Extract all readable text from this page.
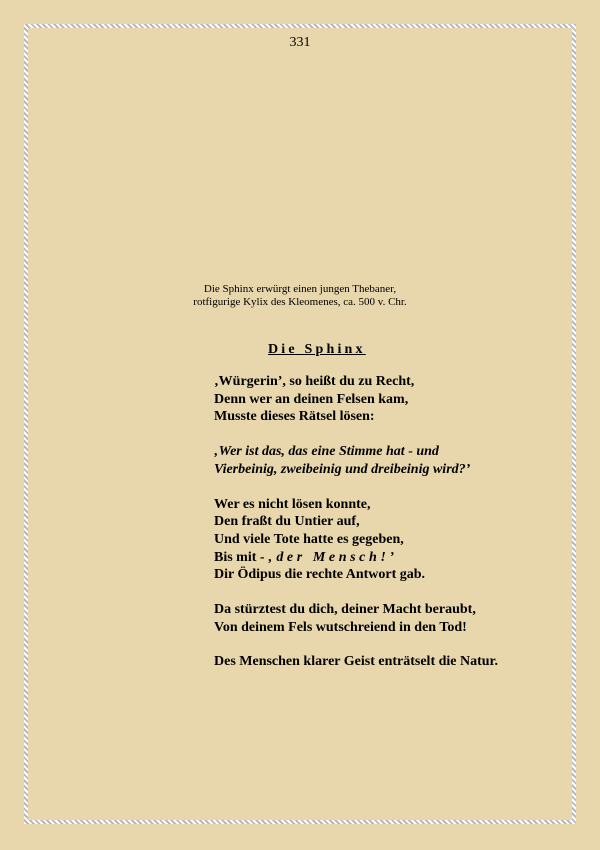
331
Die Sphinx erwürgt einen jungen Thebaner,
rotfigurige Kylix des Kleomenes, ca. 500 v. Chr.
Die Sphinx
‚Würgerin’, so heißt du zu Recht,
Denn wer an deinen Felsen kam,
Musste dieses Rätsel lösen:
‚Wer ist das, das eine Stimme hat - und
Vierbeinig, zweibeinig und dreibeinig wird?’
Wer es nicht lösen konnte,
Den fraßt du Untier auf,
Und viele Tote hatte es gegeben,
Bis mit - ‚der Mensch!’
Dir Ödipus die rechte Antwort gab.
Da stürztest du dich, deiner Macht beraubt,
Von deinem Fels wutschreiend in den Tod!
Des Menschen klarer Geist enträtselt die Natur.
